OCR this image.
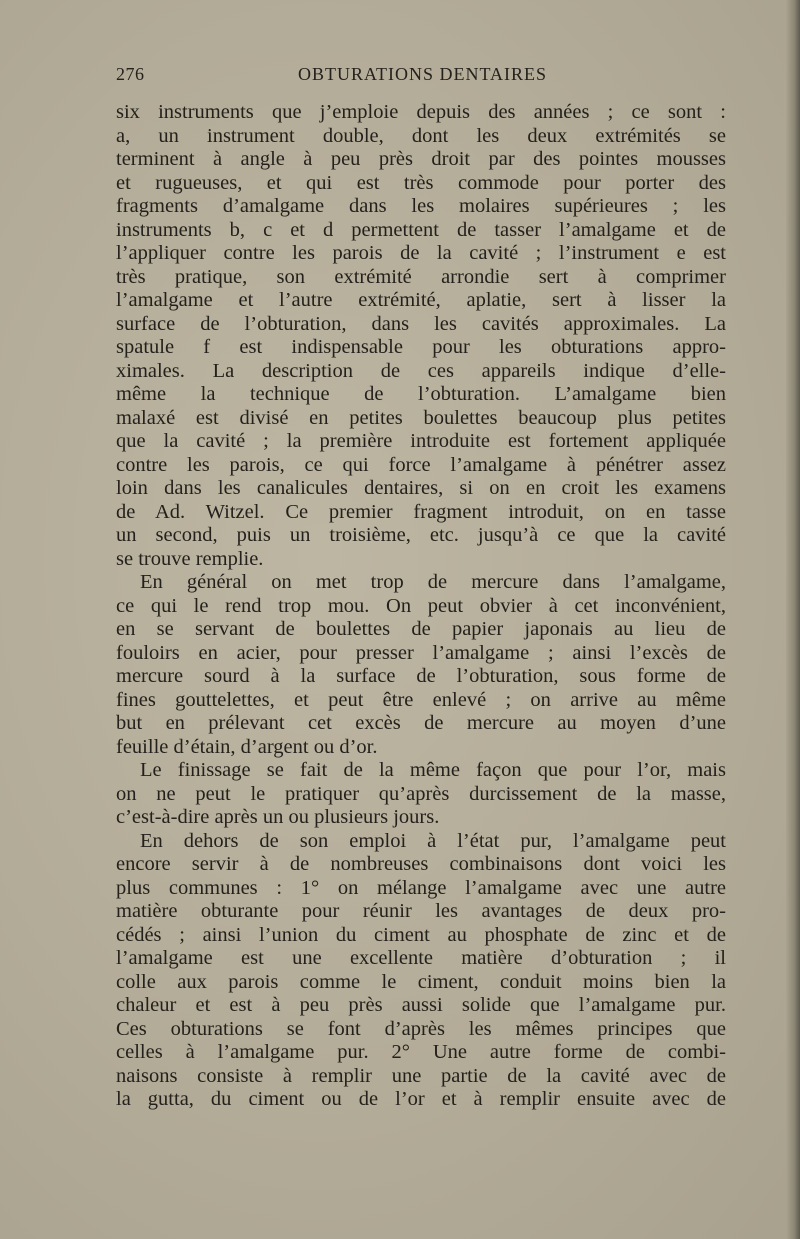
276	OBTURATIONS DENTAIRES
six instruments que j’emploie depuis des années ; ce sont :
a, un instrument double, dont les deux extrémités se
terminent à angle à peu près droit par des pointes mousses
et rugueuses, et qui est très commode pour porter des
fragments d’amalgame dans les molaires supérieures ; les
instruments b, c et d permettent de tasser l’amalgame et de
l’appliquer contre les parois de la cavité ; l’instrument e est
très pratique, son extrémité arrondie sert à comprimer
l’amalgame et l’autre extrémité, aplatie, sert à lisser la
surface de l’obturation, dans les cavités approximales. La
spatule f est indispensable pour les obturations appro-
ximales. La description de ces appareils indique d’elle-
même la technique de l’obturation. L’amalgame bien
malaxé est divisé en petites boulettes beaucoup plus petites
que la cavité ; la première introduite est fortement appliquée
contre les parois, ce qui force l’amalgame à pénétrer assez
loin dans les canalicules dentaires, si on en croit les examens
de Ad. Witzel. Ce premier fragment introduit, on en tasse
un second, puis un troisième, etc. jusqu’à ce que la cavité
se trouve remplie.
En général on met trop de mercure dans l’amalgame,
ce qui le rend trop mou. On peut obvier à cet inconvénient,
en se servant de boulettes de papier japonais au lieu de
fouloirs en acier, pour presser l’amalgame ; ainsi l’excès de
mercure sourd à la surface de l’obturation, sous forme de
fines gouttelettes, et peut être enlevé ; on arrive au même
but en prélevant cet excès de mercure au moyen d’une
feuille d’étain, d’argent ou d’or.
Le finissage se fait de la même façon que pour l’or, mais
on ne peut le pratiquer qu’après durcissement de la masse,
c’est-à-dire après un ou plusieurs jours.
En dehors de son emploi à l’état pur, l’amalgame peut
encore servir à de nombreuses combinaisons dont voici les
plus communes : 1° on mélange l’amalgame avec une autre
matière obturante pour réunir les avantages de deux pro-
cédés ; ainsi l’union du ciment au phosphate de zinc et de
l’amalgame est une excellente matière d’obturation ; il
colle aux parois comme le ciment, conduit moins bien la
chaleur et est à peu près aussi solide que l’amalgame pur.
Ces obturations se font d’après les mêmes principes que
celles à l’amalgame pur. 2° Une autre forme de combi-
naisons consiste à remplir une partie de la cavité avec de
la gutta, du ciment ou de l’or et à remplir ensuite avec de
